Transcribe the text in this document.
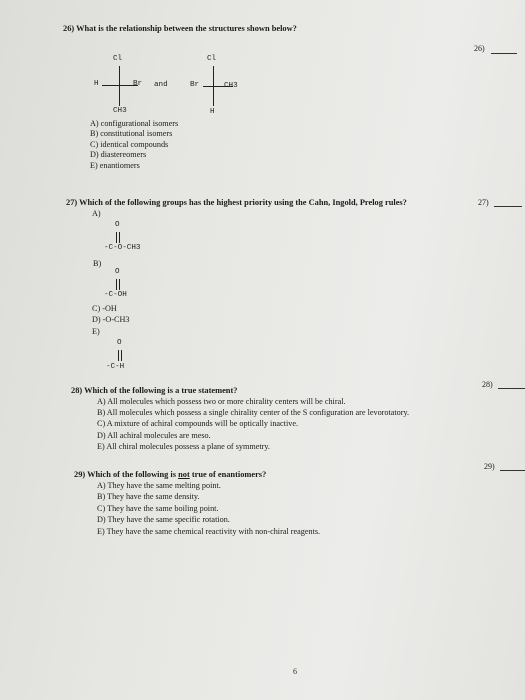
26) What is the relationship between the structures shown below?
26)
Cl
H	Br
CH3
and
Cl
Br	CH3
H
A) configurational isomers
B) constitutional isomers
C) identical compounds
D) diastereomers
E) enantiomers
27) Which of the following groups has the highest priority using the Cahn, Ingold, Prelog rules?	27)
A)
O
-C-O-CH3
B)
O
-C-OH
C) -OH
D) -O-CH3
E)
O
-C-H
28) Which of the following is a true statement?
28)
A) All molecules which possess two or more chirality centers will be chiral.
B) All molecules which possess a single chirality center of the S configuration are levorotatory.
C) A mixture of achiral compounds will be optically inactive.
D) All achiral molecules are meso.
E) All chiral molecules possess a plane of symmetry.
29) Which of the following is not true of enantiomers?
29)
A) They have the same melting point.
B) They have the same density.
C) They have the same boiling point.
D) They have the same specific rotation.
E) They have the same chemical reactivity with non-chiral reagents.
6
